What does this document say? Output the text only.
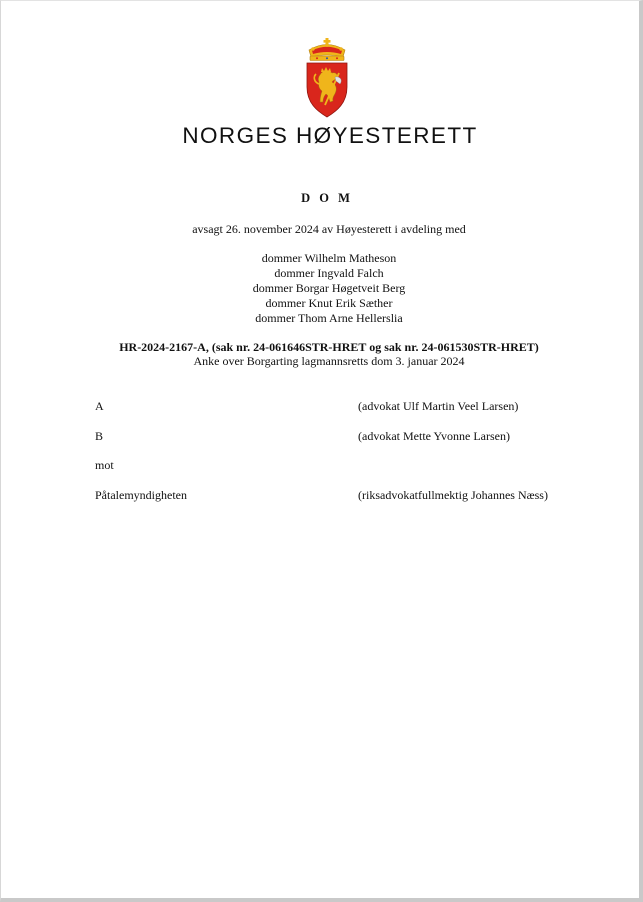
NORGES HØYESTERETT
D O M
avsagt 26. november 2024 av Høyesterett i avdeling med
dommer Wilhelm Matheson
dommer Ingvald Falch
dommer Borgar Høgetveit Berg
dommer Knut Erik Sæther
dommer Thom Arne Hellerslia
HR-2024-2167-A, (sak nr. 24-061646STR-HRET og sak nr. 24-061530STR-HRET)
Anke over Borgarting lagmannsretts dom 3. januar 2024
A	(advokat Ulf Martin Veel Larsen)
B	(advokat Mette Yvonne Larsen)
mot
Påtalemyndigheten	(riksadvokatfullmektig Johannes Næss)
